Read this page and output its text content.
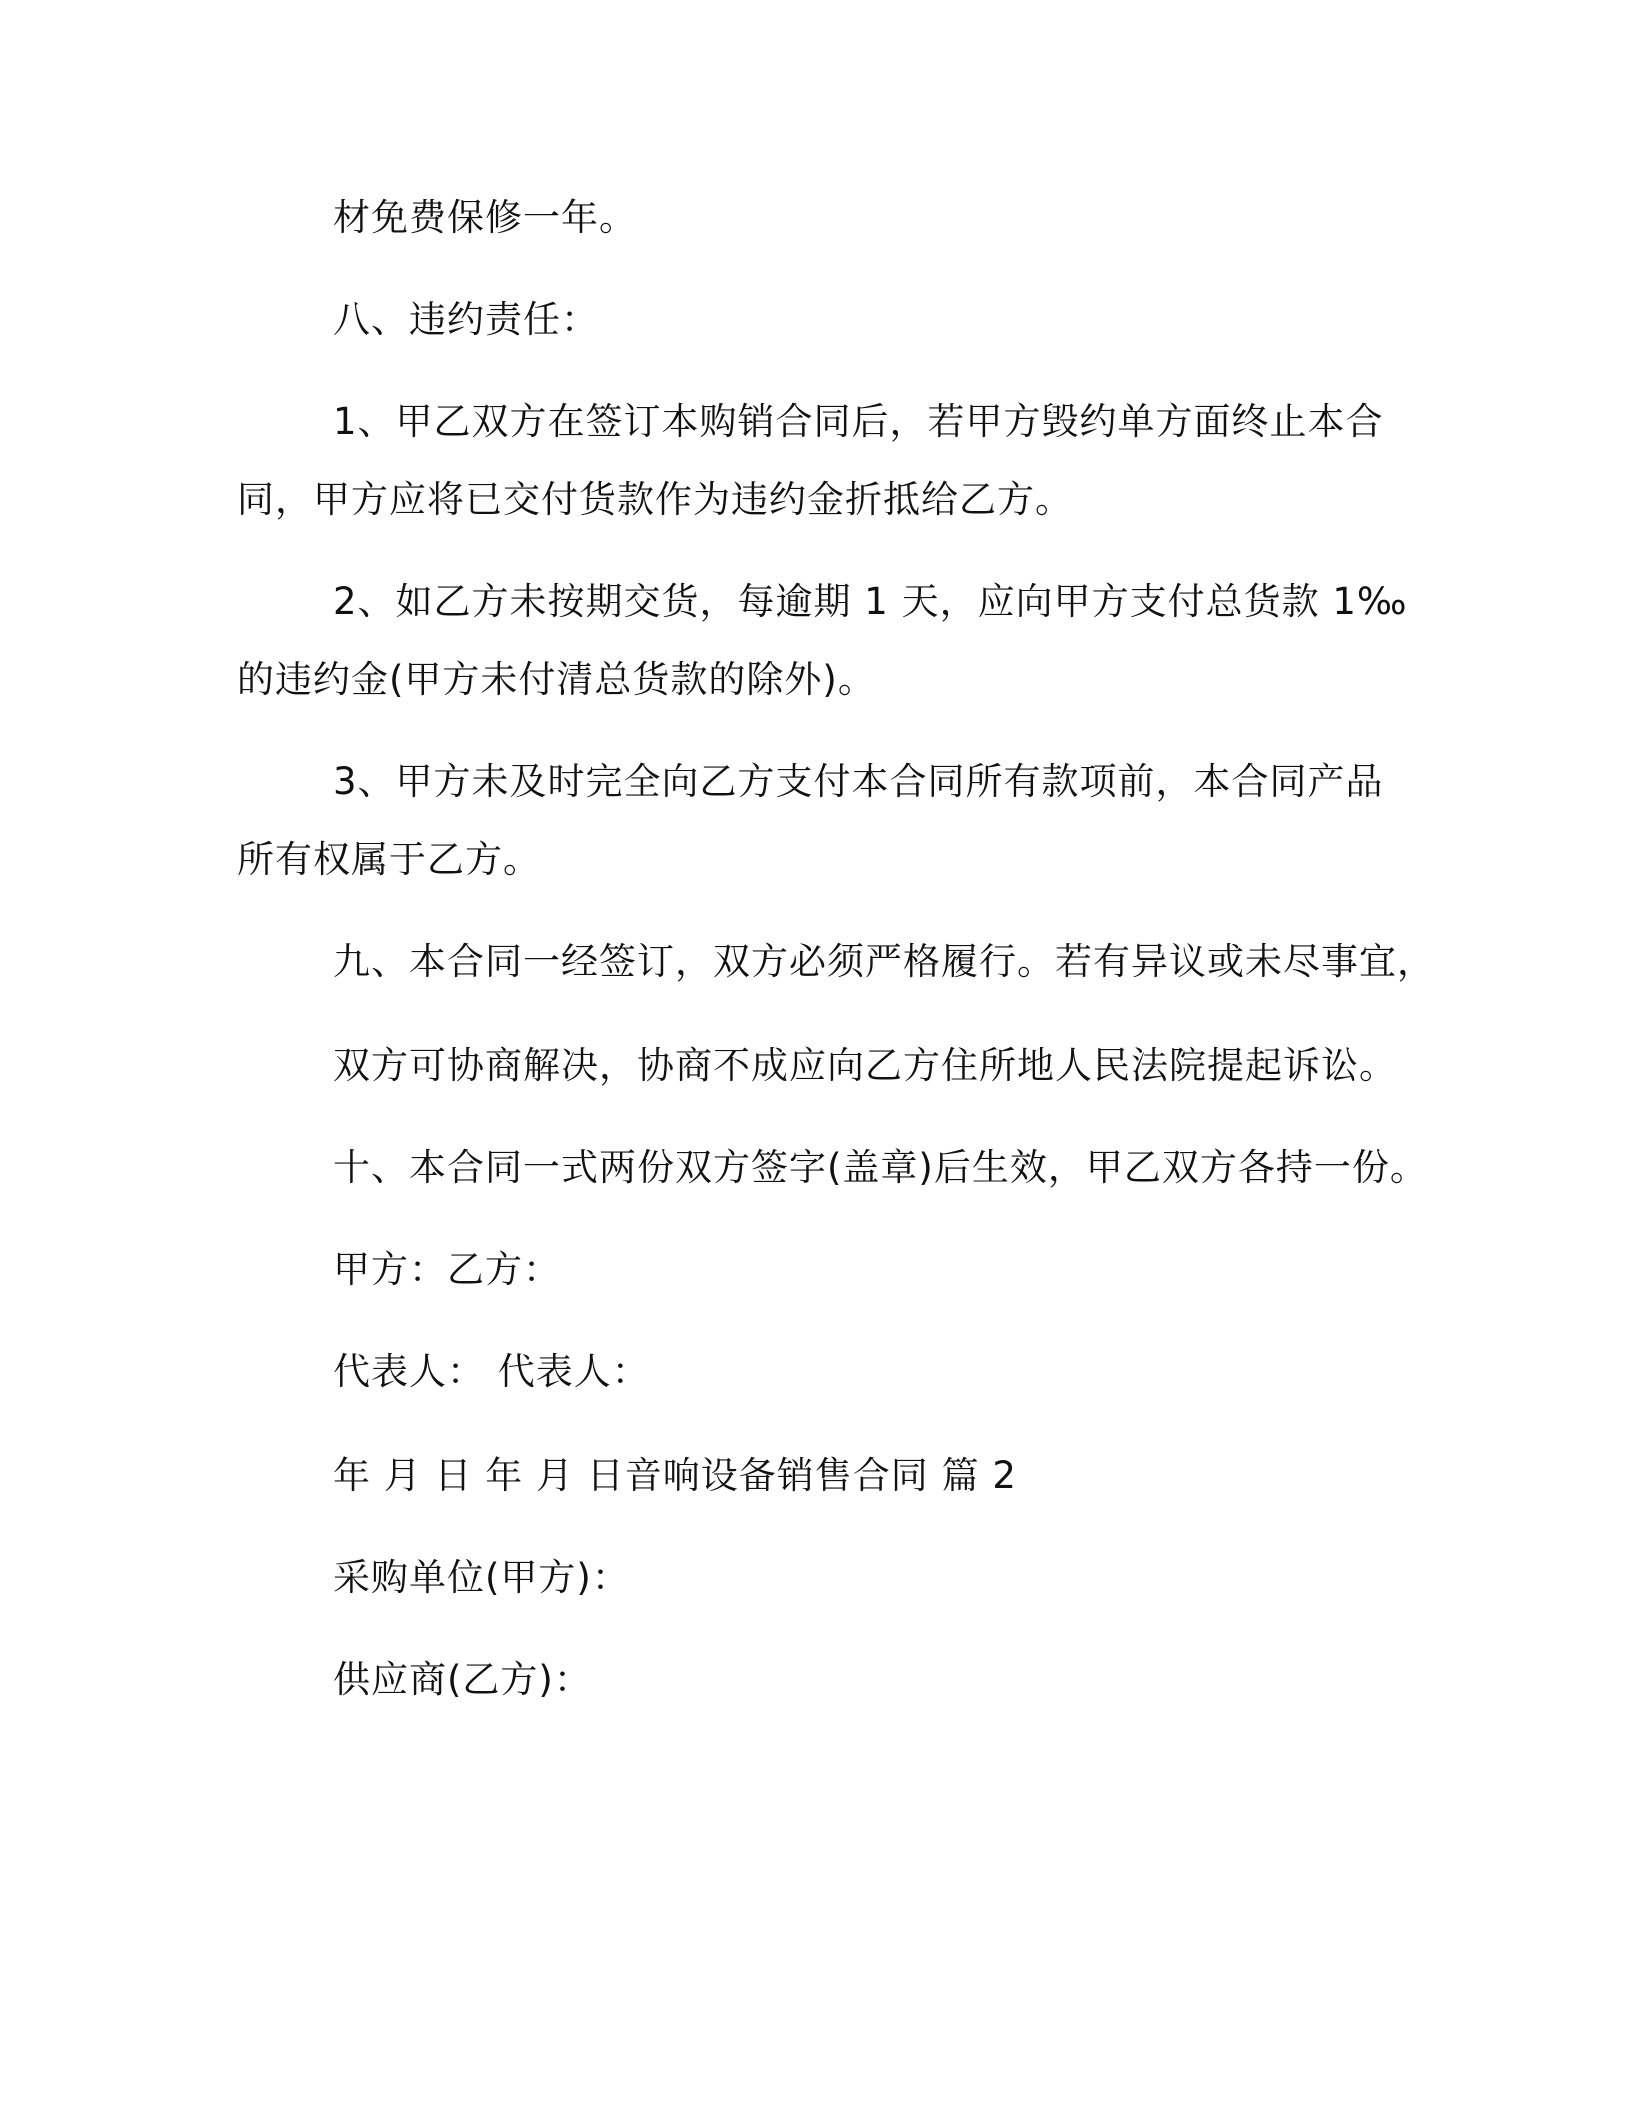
材免费保修一年。
八、违约责任：
1、甲乙双方在签订本购销合同后，若甲方毁约单方面终止本合
同，甲方应将已交付货款作为违约金折抵给乙方。
2、如乙方未按期交货，每逾期 1 天，应向甲方支付总货款 1‰
的违约金(甲方未付清总货款的除外)。
3、甲方未及时完全向乙方支付本合同所有款项前，本合同产品
所有权属于乙方。
九、本合同一经签订，双方必须严格履行。若有异议或未尽事宜，
双方可协商解决，协商不成应向乙方住所地人民法院提起诉讼。
十、本合同一式两份双方签字(盖章)后生效，甲乙双方各持一份。
甲方：乙方：
代表人： 代表人：
年 月 日 年 月 日音响设备销售合同 篇 2
采购单位(甲方)：
供应商(乙方)：
